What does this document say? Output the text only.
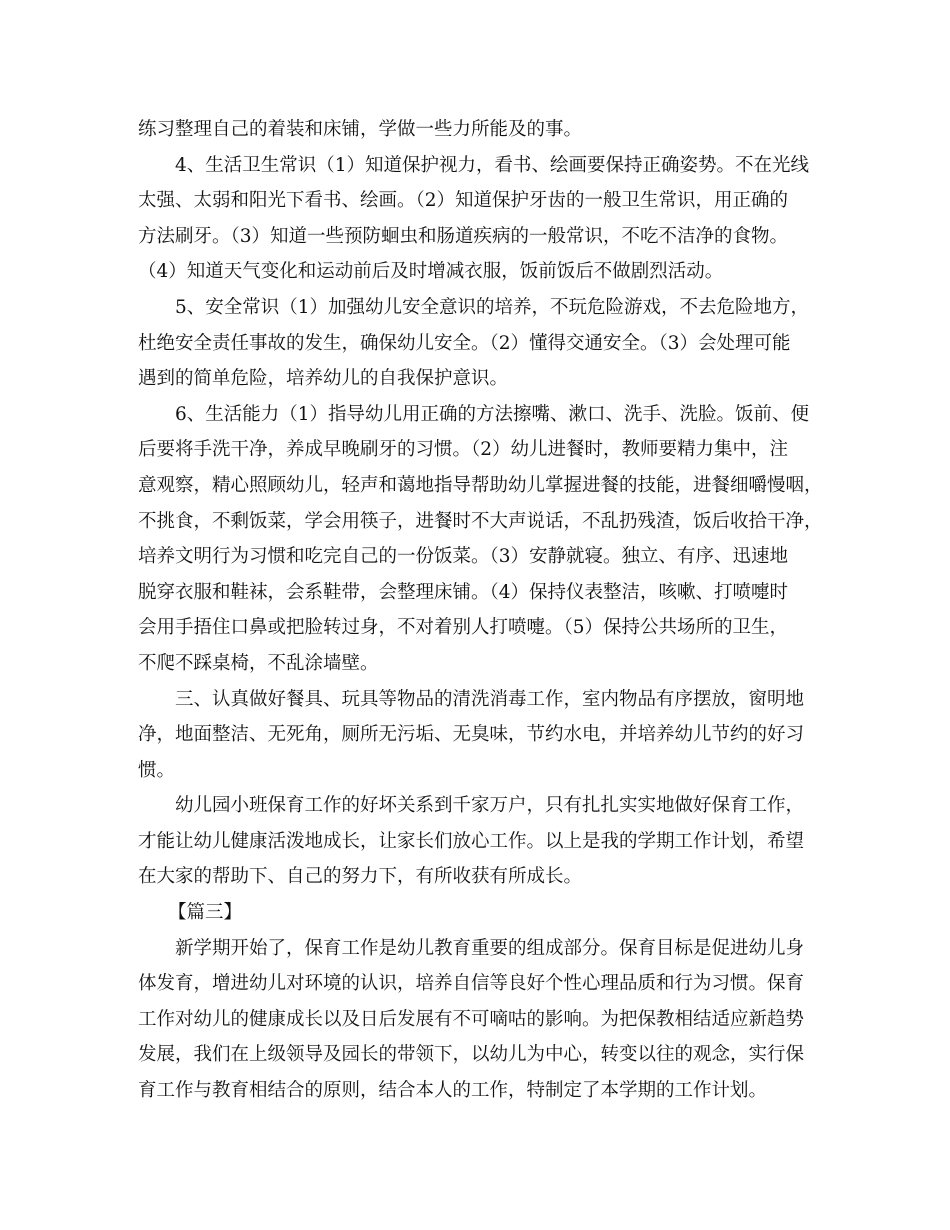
练习整理自己的着装和床铺，学做一些力所能及的事。
4、生活卫生常识（1）知道保护视力，看书、绘画要保持正确姿势。不在光线
太强、太弱和阳光下看书、绘画。（2）知道保护牙齿的一般卫生常识，用正确的
方法刷牙。（3）知道一些预防蛔虫和肠道疾病的一般常识，不吃不洁净的食物。
（4）知道天气变化和运动前后及时增减衣服，饭前饭后不做剧烈活动。
5、安全常识（1）加强幼儿安全意识的培养，不玩危险游戏，不去危险地方，
杜绝安全责任事故的发生，确保幼儿安全。（2）懂得交通安全。（3）会处理可能
遇到的简单危险，培养幼儿的自我保护意识。
6、生活能力（1）指导幼儿用正确的方法擦嘴、漱口、洗手、洗脸。饭前、便
后要将手洗干净，养成早晚刷牙的习惯。（2）幼儿进餐时，教师要精力集中，注
意观察，精心照顾幼儿，轻声和蔼地指导帮助幼儿掌握进餐的技能，进餐细嚼慢咽，
不挑食，不剩饭菜，学会用筷子，进餐时不大声说话，不乱扔残渣，饭后收拾干净，
培养文明行为习惯和吃完自己的一份饭菜。（3）安静就寝。独立、有序、迅速地
脱穿衣服和鞋袜，会系鞋带，会整理床铺。（4）保持仪表整洁，咳嗽、打喷嚏时
会用手捂住口鼻或把脸转过身，不对着别人打喷嚏。（5）保持公共场所的卫生，
不爬不踩桌椅，不乱涂墙壁。
三、认真做好餐具、玩具等物品的清洗消毒工作，室内物品有序摆放，窗明地
净，地面整洁、无死角，厕所无污垢、无臭味，节约水电，并培养幼儿节约的好习
惯。
幼儿园小班保育工作的好坏关系到千家万户，只有扎扎实实地做好保育工作，
才能让幼儿健康活泼地成长，让家长们放心工作。以上是我的学期工作计划，希望
在大家的帮助下、自己的努力下，有所收获有所成长。
【篇三】
新学期开始了，保育工作是幼儿教育重要的组成部分。保育目标是促进幼儿身
体发育，增进幼儿对环境的认识，培养自信等良好个性心理品质和行为习惯。保育
工作对幼儿的健康成长以及日后发展有不可嘀咕的影响。为把保教相结适应新趋势
发展，我们在上级领导及园长的带领下，以幼儿为中心，转变以往的观念，实行保
育工作与教育相结合的原则，结合本人的工作，特制定了本学期的工作计划。
